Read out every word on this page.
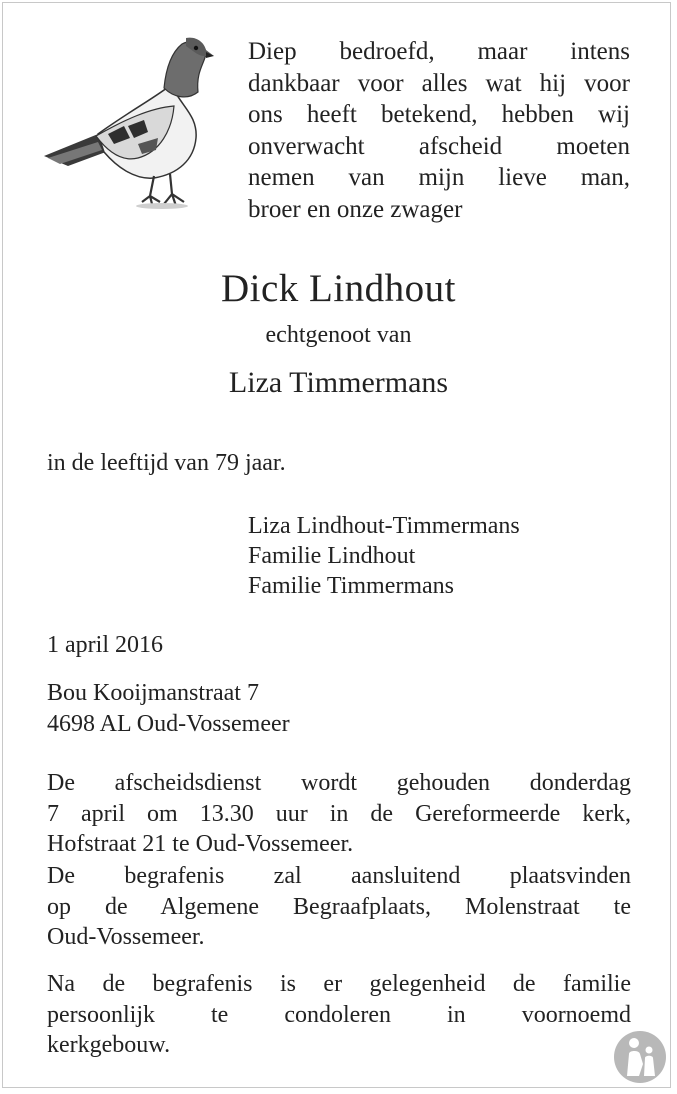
Diep bedroefd, maar intens
dankbaar voor alles wat hij voor
ons heeft betekend, hebben wij
onverwacht afscheid moeten
nemen van mijn lieve man,
broer en onze zwager
Dick Lindhout
echtgenoot van
Liza Timmermans
in de leeftijd van 79 jaar.
Liza Lindhout-Timmermans
Familie Lindhout
Familie Timmermans
1 april 2016
Bou Kooijmanstraat 7
4698 AL Oud-Vossemeer
De afscheidsdienst wordt gehouden donderdag
7 april om 13.30 uur in de Gereformeerde kerk,
Hofstraat 21 te Oud-Vossemeer.
De begrafenis zal aansluitend plaatsvinden
op de Algemene Begraafplaats, Molenstraat te
Oud-Vossemeer.
Na de begrafenis is er gelegenheid de familie
persoonlijk te condoleren in voornoemd
kerkgebouw.
